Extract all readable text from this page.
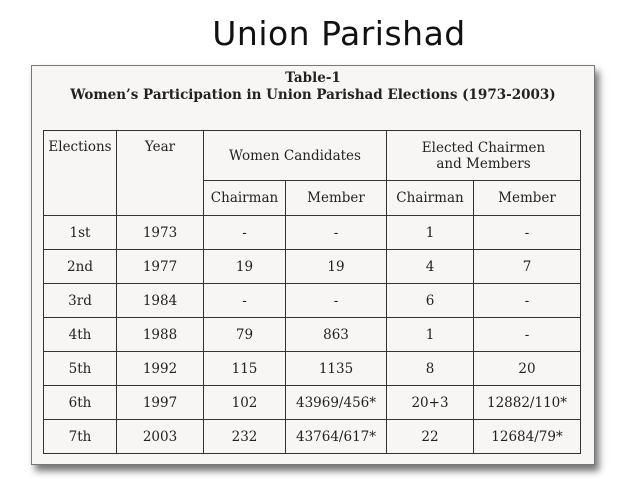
Union Parishad
Table-1
Women’s Participation in Union Parishad Elections (1973-2003)
Elections	Year	Women Candidates		Elected Chairmen
and Members	

		Chairman	Member	Chairman	Member
1st	1973	-	-	1	-
2nd	1977	19	19	4	7
3rd	1984	-	-	6	-
4th	1988	79	863	1	-
5th	1992	115	1135	8	20
6th	1997	102	43969/456*	20+3	12882/110*
7th	2003	232	43764/617*	22	12684/79*
